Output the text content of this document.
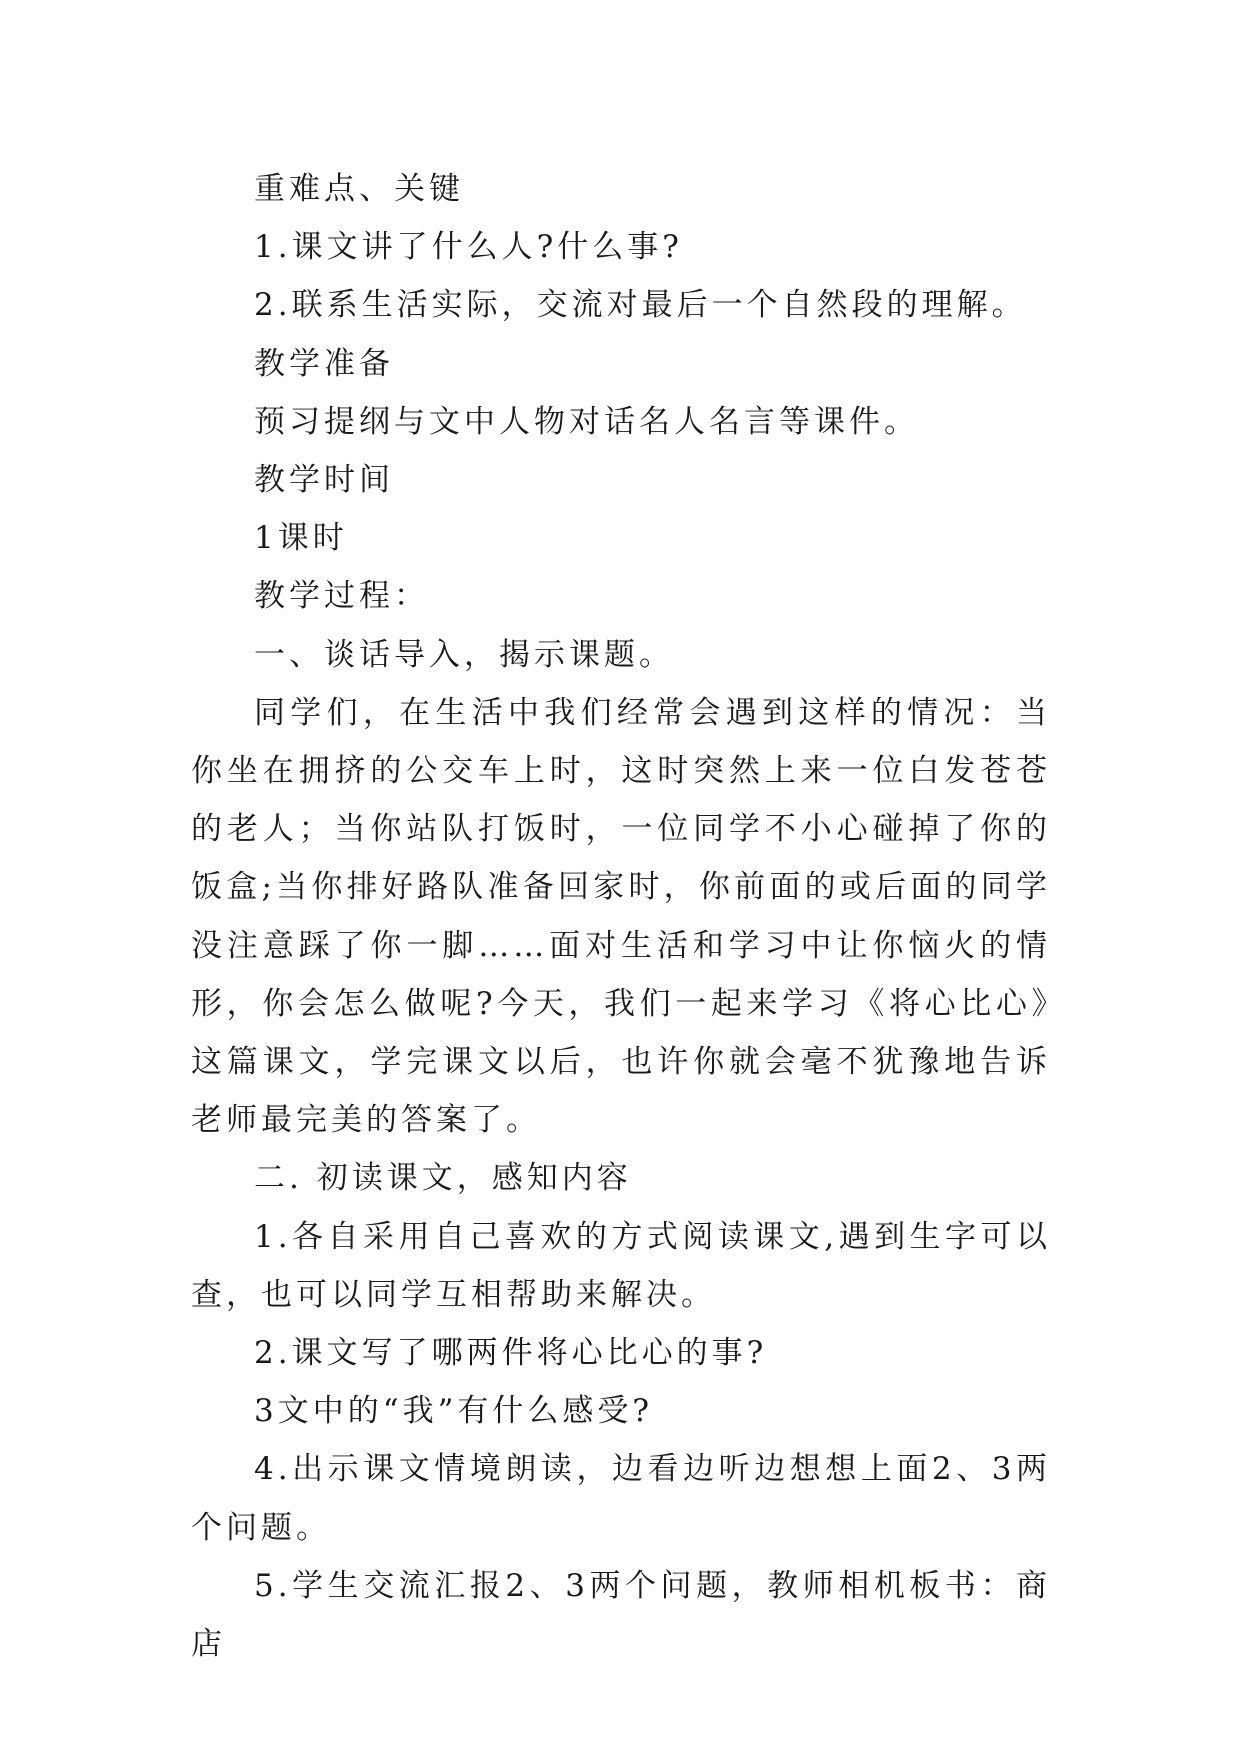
重难点、关键

1.课文讲了什么人?什么事?

2.联系生活实际，交流对最后一个自然段的理解。

教学准备

预习提纲与文中人物对话名人名言等课件。

教学时间

1课时

教学过程：

一、谈话导入，揭示课题。

同学们，在生活中我们经常会遇到这样的情况：当你坐在拥挤的公交车上时，这时突然上来一位白发苍苍的老人；当你站队打饭时，一位同学不小心碰掉了你的饭盒;当你排好路队准备回家时，你前面的或后面的同学没注意踩了你一脚……面对生活和学习中让你恼火的情形，你会怎么做呢?今天，我们一起来学习《将心比心》这篇课文，学完课文以后，也许你就会毫不犹豫地告诉老师最完美的答案了。

二. 初读课文，感知内容

1.各自采用自己喜欢的方式阅读课文,遇到生字可以查，也可以同学互相帮助来解决。

2.课文写了哪两件将心比心的事?

3文中的“我”有什么感受?

4.出示课文情境朗读，边看边听边想想上面2、3两个问题。

5.学生交流汇报2、3两个问题，教师相机板书：商店
